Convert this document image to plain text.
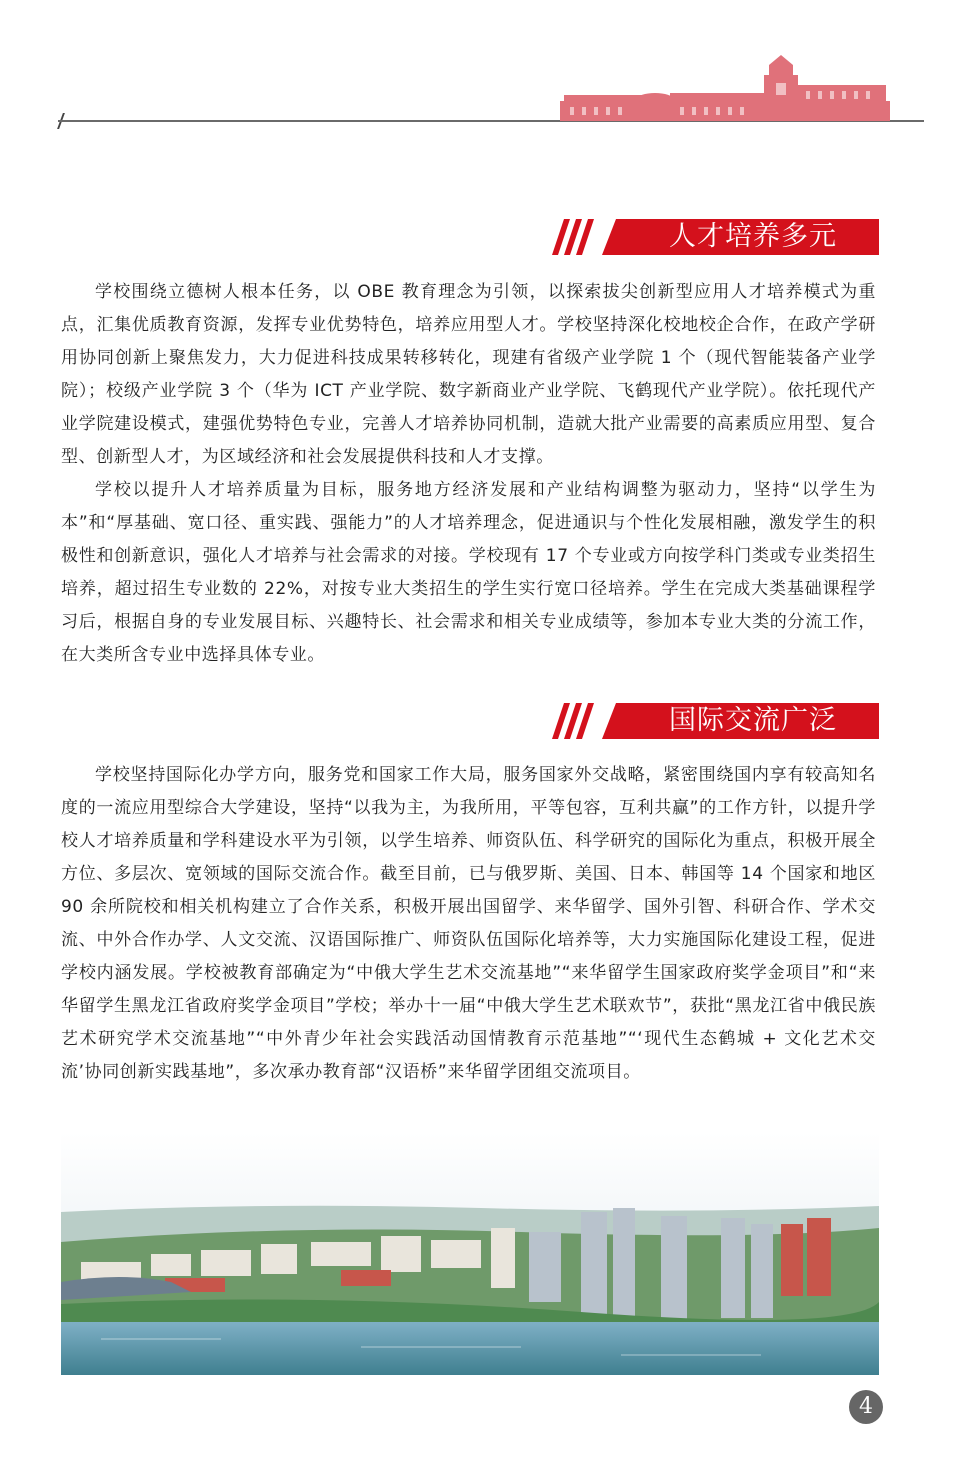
人才培养多元

学校围绕立德树人根本任务，以 OBE 教育理念为引领，以探索拔尖创新型应用人才培养模式为重点，汇集优质教育资源，发挥专业优势特色，培养应用型人才。学校坚持深化校地校企合作，在政产学研用协同创新上聚焦发力，大力促进科技成果转移转化，现建有省级产业学院 1 个（现代智能装备产业学院）；校级产业学院 3 个（华为 ICT 产业学院、数字新商业产业学院、飞鹤现代产业学院）。依托现代产业学院建设模式，建强优势特色专业，完善人才培养协同机制，造就大批产业需要的高素质应用型、复合型、创新型人才，为区域经济和社会发展提供科技和人才支撑。

学校以提升人才培养质量为目标，服务地方经济发展和产业结构调整为驱动力，坚持“以学生为本”和“厚基础、宽口径、重实践、强能力”的人才培养理念，促进通识与个性化发展相融，激发学生的积极性和创新意识，强化人才培养与社会需求的对接。学校现有 17 个专业或方向按学科门类或专业类招生培养，超过招生专业数的 22%，对按专业大类招生的学生实行宽口径培养。学生在完成大类基础课程学习后，根据自身的专业发展目标、兴趣特长、社会需求和相关专业成绩等，参加本专业大类的分流工作，在大类所含专业中选择具体专业。

国际交流广泛

学校坚持国际化办学方向，服务党和国家工作大局，服务国家外交战略，紧密围绕国内享有较高知名度的一流应用型综合大学建设，坚持“以我为主，为我所用，平等包容，互利共赢”的工作方针，以提升学校人才培养质量和学科建设水平为引领，以学生培养、师资队伍、科学研究的国际化为重点，积极开展全方位、多层次、宽领域的国际交流合作。截至目前，已与俄罗斯、美国、日本、韩国等 14 个国家和地区 90 余所院校和相关机构建立了合作关系，积极开展出国留学、来华留学、国外引智、科研合作、学术交流、中外合作办学、人文交流、汉语国际推广、师资队伍国际化培养等，大力实施国际化建设工程，促进学校内涵发展。学校被教育部确定为“中俄大学生艺术交流基地”“来华留学生国家政府奖学金项目”和“来华留学生黑龙江省政府奖学金项目”学校；举办十一届“中俄大学生艺术联欢节”，获批“黑龙江省中俄民族艺术研究学术交流基地”“中外青少年社会实践活动国情教育示范基地”“‘现代生态鹤城 + 文化艺术交流’协同创新实践基地”，多次承办教育部“汉语桥”来华留学团组交流项目。

4
